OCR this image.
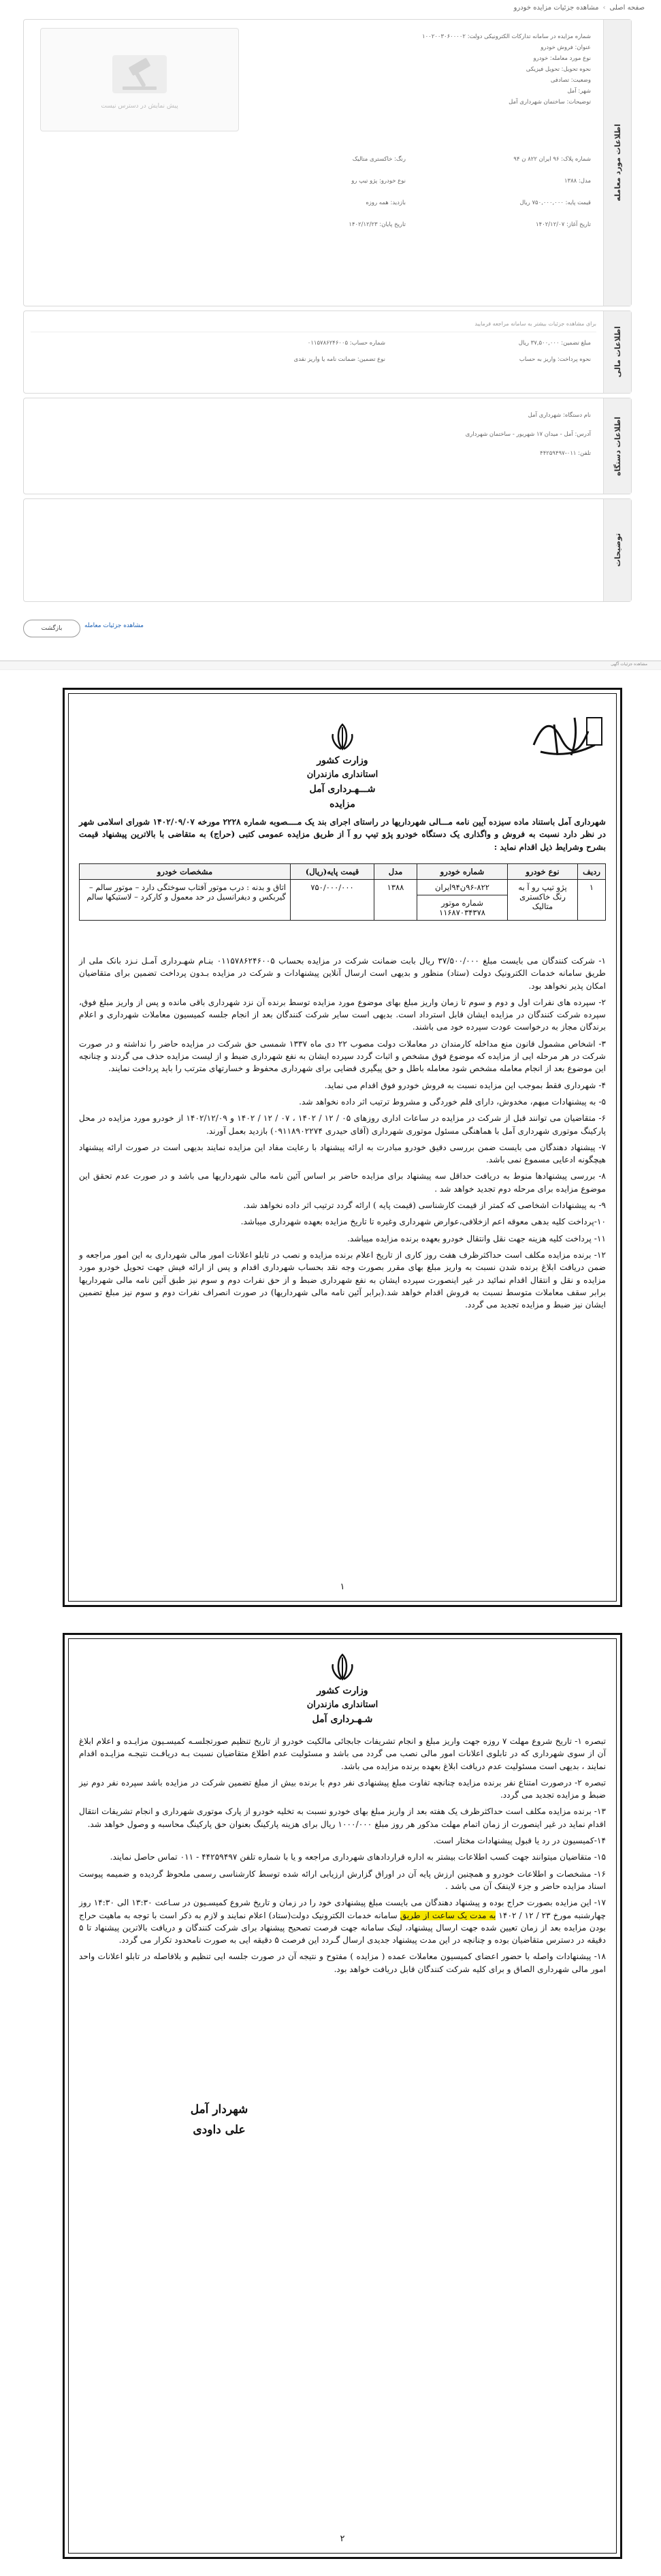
صفحه اصلی
›
مشاهده جزئیات مزایده خودرو
اطلاعات مورد معامله
پیش نمایش در دسترس نیست
شماره مزایده در سامانه تدارکات الکترونیکی دولت: ۱۰۰۲۰۰۳۰۶۰۰۰۰۲
عنوان: فروش خودرو
نوع مورد معامله: خودرو
نحوه تحویل: تحویل فیزیکی
وضعیت: تصادفی
شهر: آمل
توضیحات: ساختمان شهرداری آمل
شماره پلاک: ۹۶ ایران ۸۲۲ ن ۹۴
رنگ: خاکستری متالیک
مدل: ۱۳۸۸
نوع خودرو: پژو تیپ رو
قیمت پایه: ۷۵۰,۰۰۰,۰۰۰ ریال
بازدید: همه روزه
تاریخ آغاز: ۱۴۰۲/۱۲/۰۷
تاریخ پایان: ۱۴۰۲/۱۲/۲۳
اطلاعات مالی
برای مشاهده جزئیات بیشتر به سامانه مراجعه فرمایید
مبلغ تضمین: ۳۷,۵۰۰,۰۰۰ ریال
شماره حساب: ۰۱۱۵۷۸۶۲۴۶۰۰۵
نحوه پرداخت: واریز به حساب
نوع تضمین: ضمانت نامه یا واریز نقدی
اطلاعات دستگاه
نام دستگاه: شهرداری آمل
آدرس: آمل - میدان ۱۷ شهریور - ساختمان شهرداری
تلفن: ۰۱۱-۴۴۲۵۹۴۹۷
توضیحات
بازگشت	مشاهده جزئیات معامله
مشاهده جزئیات آگهی
وزارت کشور
استانداری مازندران
شـــهـرداری آمل
مزایده
شهرداری آمل باستناد ماده سیزده آیین نامه مـــالی شهرداریها در راستای اجرای بند یک مــــصوبه شماره ۲۲۲۸ مورخه ۱۴۰۲/۰۹/۰۷ شورای اسلامی شهر در نظر دارد نسبت به فروش و واگذاری یک دستگاه خودرو پژو تیپ رو آ از طریق مزایده عمومی کتبی (حراج) به متقاضی با بالاترین پیشنهاد قیمت بشرح وشرایط ذیل اقدام نماید :
ردیف	نوع خودرو	شماره خودرو	مدل	قیمت پایه(ریال)	مشخصات خودرو
۱	پژو تیپ رو آ به رنگ خاکستری متالیک	۹۶-۸۲۲ن۹۴ایران
شماره موتور
۱۱۶۸۷۰۳۴۳۷۸	۱۳۸۸	۷۵۰/۰۰۰/۰۰۰	اتاق و بدنه : درب موتور آفتاب سوختگی دارد – موتور سالم – گیربکس و دیفرانسیل در حد معمول و کارکرد – لاستیکها سالم

۱- شرکت کنندگان می بایست مبلغ ۳۷/۵۰۰/۰۰۰ ریال بابت ضمانت شرکت در مزایده بحساب ۰۱۱۵۷۸۶۲۴۶۰۰۵ بنـام شهـرداری آمـل نـزد بانک ملی از طریق سامانه خدمات الکترونیک دولت (ستاد) منظور و بدیهی است ارسال آنلاین پیشنهادات و شرکت در مزایده بـدون پرداخت تضمین برای متقاضیان امکان پذیر نخواهد بود.

۲- سپرده های نفرات اول و دوم و سوم تا زمان واریز مبلغ بهای موضوع مورد مزایده توسط برنده آن نزد شهرداری باقی مانده و پس از واریز مبلغ فوق، سپرده شرکت کنندگان در مزایده ایشان قابل استرداد است. بدیهی است سایر شرکت کنندگان بعد از انجام جلسه کمیسیون معاملات شهرداری و اعلام برندگان مجاز به درخواست عودت سپرده خود می باشند.

۳- اشخاص مشمول قانون منع مداخله کارمندان در معاملات دولت مصوب ۲۲ دی ماه ۱۳۳۷ شمسی حق شرکت در مزایده حاضر را نداشته و در صورت شرکت در هر مرحله ایی از مزایده که موضوع فوق مشخص و اثبات گردد سپرده ایشان به نفع شهرداری ضبط و از لیست مزایده حذف می گردند و چنانچه این موضوع بعد از انجام معامله مشخص شود معامله باطل و حق پیگیری قضایی برای شهرداری محفوظ و خسارتهای مترتب را باید پرداخت نمایند.

۴- شهرداری فقط بموجب این مزایده نسبت به فروش خودرو فوق اقدام می نماید.

۵- به پیشنهادات مبهم، مخدوش، دارای قلم خوردگی و مشروط ترتیب اثر داده نخواهد شد.

۶- متقاضیان می توانند قبل از شرکت در مزایده در ساعات اداری روزهای ۰۵ / ۱۲ / ۱۴۰۲ ، ۰۷ / ۱۲ / ۱۴۰۲ و ۱۴۰۲/۱۲/۰۹ از خودرو مورد مزایده در محل پارکینگ موتوری شهرداری آمل با هماهنگی مسئول موتوری شهرداری (آقای حیدری ۰۹۱۱۸۹۰۲۲۷۴) بازدید بعمل آورند.

۷- پیشنهاد دهندگان می بایست ضمن بررسی دقیق خودرو مبادرت به ارائه پیشنهاد با رعایت مفاد این مزایده نمایند بدیهی است در صورت ارائه پیشنهاد هیچگونه ادعایی مسموع نمی باشد.

۸- بررسی پیشنهادها منوط به دریافت حداقل سه پیشنهاد برای مزایده حاضر بر اساس آئین نامه مالی شهرداریها می باشد و در صورت عدم تحقق این موضوع مزایده برای مرحله دوم تجدید خواهد شد .

۹- به پیشنهادات اشخاصی که کمتر از قیمت کارشناسی (قیمت پایه ) ارائه گردد ترتیب اثر داده نخواهد شد.

۱۰-پرداخت کلیه بدهی معوقه اعم ازخلافی،عوارض شهرداری وغیره تا تاریخ مزایده بعهده شهرداری میباشد.

۱۱- پرداخت کلیه هزینه جهت نقل وانتقال خودرو بعهده برنده مزایده میباشد.

۱۲- برنده مزایده مکلف است حداکثرظرف هفت روز کاری از تاریخ اعلام برنده مزایده و نصب در تابلو اعلانات امور مالی شهرداری به این امور مراجعه و ضمن دریافت ابلاغ برنده شدن نسبت به واریز مبلغ بهای مقرر بصورت وجه نقد بحساب شهرداری اقدام و پس از ارائه فیش جهت تحویل خودرو مورد مزایده و نقل و انتقال اقدام نمائید در غیر اینصورت سپرده ایشان به نفع شهرداری ضبط و از حق نفرات دوم و سوم نیز طبق آئین نامه مالی شهرداریها برابر سقف معاملات متوسط نسبت به فروش اقدام خواهد شد.(برابر آئین نامه مالی شهرداریها) در صورت انصراف نفرات دوم و سوم نیز مبلغ تضمین ایشان نیز ضبط و مزایده تجدید می گردد.

۱
وزارت کشور
استانداری مازندران
شـهـرداری آمل

تبصره ۱- تاریخ شروع مهلت ۷ روزه جهت واریز مبلغ و انجام تشریفات جابجائی مالکیت خودرو از تاریخ تنظیم صورتجلسـه کمیسـیون مزایـده و اعلام ابلاغ آن از سوی شهرداری که در تابلوی اعلانات امور مالی نصب می گردد می باشد و مسئولیت عدم اطلاع متقاضیان نسبت بـه دریافـت نتیجـه مزایـده اقدام نمایند ، بدیهی است مسئولیت عدم دریافت ابلاغ بعهده برنده مزایده می باشد.

تبصره ۲- درصورت امتناع نفر برنده مزایده چنانچه تفاوت مبلغ پیشنهادی نفر دوم با برنده بیش از مبلغ تضمین شرکت در مزایده باشد سپرده نفر دوم نیز ضبط و مزایده تجدید می گردد.

۱۳- برنده مزایده مکلف است حداکثرظرف یک هفته بعد از واریز مبلغ بهای خودرو نسبت به تخلیه خودرو از پارک موتوری شهرداری و انجام تشریفات انتقال اقدام نماید در غیر اینصورت از زمان اتمام مهلت مذکور هر روز مبلغ ۱۰۰۰/۰۰۰ ریال برای هزینه پارکینگ بعنوان حق پارکینگ محاسبه و وصول خواهد شد.

۱۴-کمیسیون در رد یا قبول پیشنهادات مختار است.

۱۵- متقاضیان میتوانند جهت کسب اطلاعات بیشتر به اداره قراردادهای شهرداری مراجعه و یا با شماره تلفن ۴۴۲۵۹۴۹۷ - ۰۱۱ تماس حاصل نمایند.

۱۶- مشخصات و اطلاعات خودرو و همچنین ارزش پایه آن در اوراق گزارش ارزیابی ارائه شده توسط کارشناسی رسمی ملحوظ گردیده و ضمیمه پیوست اسناد مزایده حاضر و جزء لاینفک آن می باشد .

۱۷- این مزایده بصورت حراج بوده و پیشنهاد دهندگان می بایست مبلغ پیشنهادی خود را در زمان و تاریخ شروع کمیسـیون در سـاعت ۱۳:۳۰ الی ۱۴:۳۰ روز چهارشنبه مورخ ۲۳ / ۱۲ / ۱۴۰۲ به مدت یک ساعت از طریق سامانه خدمات الکترونیک دولت(ستاد) اعلام نمایند و لازم به ذکر است با توجه به ماهیت حراج بودن مزایده بعد از زمان تعیین شده جهت ارسال پیشنهاد، لینک سامانه جهت فرصت تصحیح پیشنهاد برای شرکت کنندگان و دریافت بالاترین پیشنهاد تا ۵ دقیقه در دسترس متقاضیان بوده و چنانچه در این مدت پیشنهاد جدیدی ارسال گـردد این فرصت ۵ دقیقه ایی به صورت نامحدود تکرار می گردد.

۱۸- پیشنهادات واصله با حضور اعضای کمیسیون معاملات عمده ( مزایده ) مفتوح و نتیجه آن در صورت جلسه ایی تنظیم و بلافاصله در تابلو اعلانات واحد امور مالی شهرداری الصاق و برای کلیه شرکت کنندگان قابل دریافت خواهد بود.

شهردار آمل
علی داودی
۲
